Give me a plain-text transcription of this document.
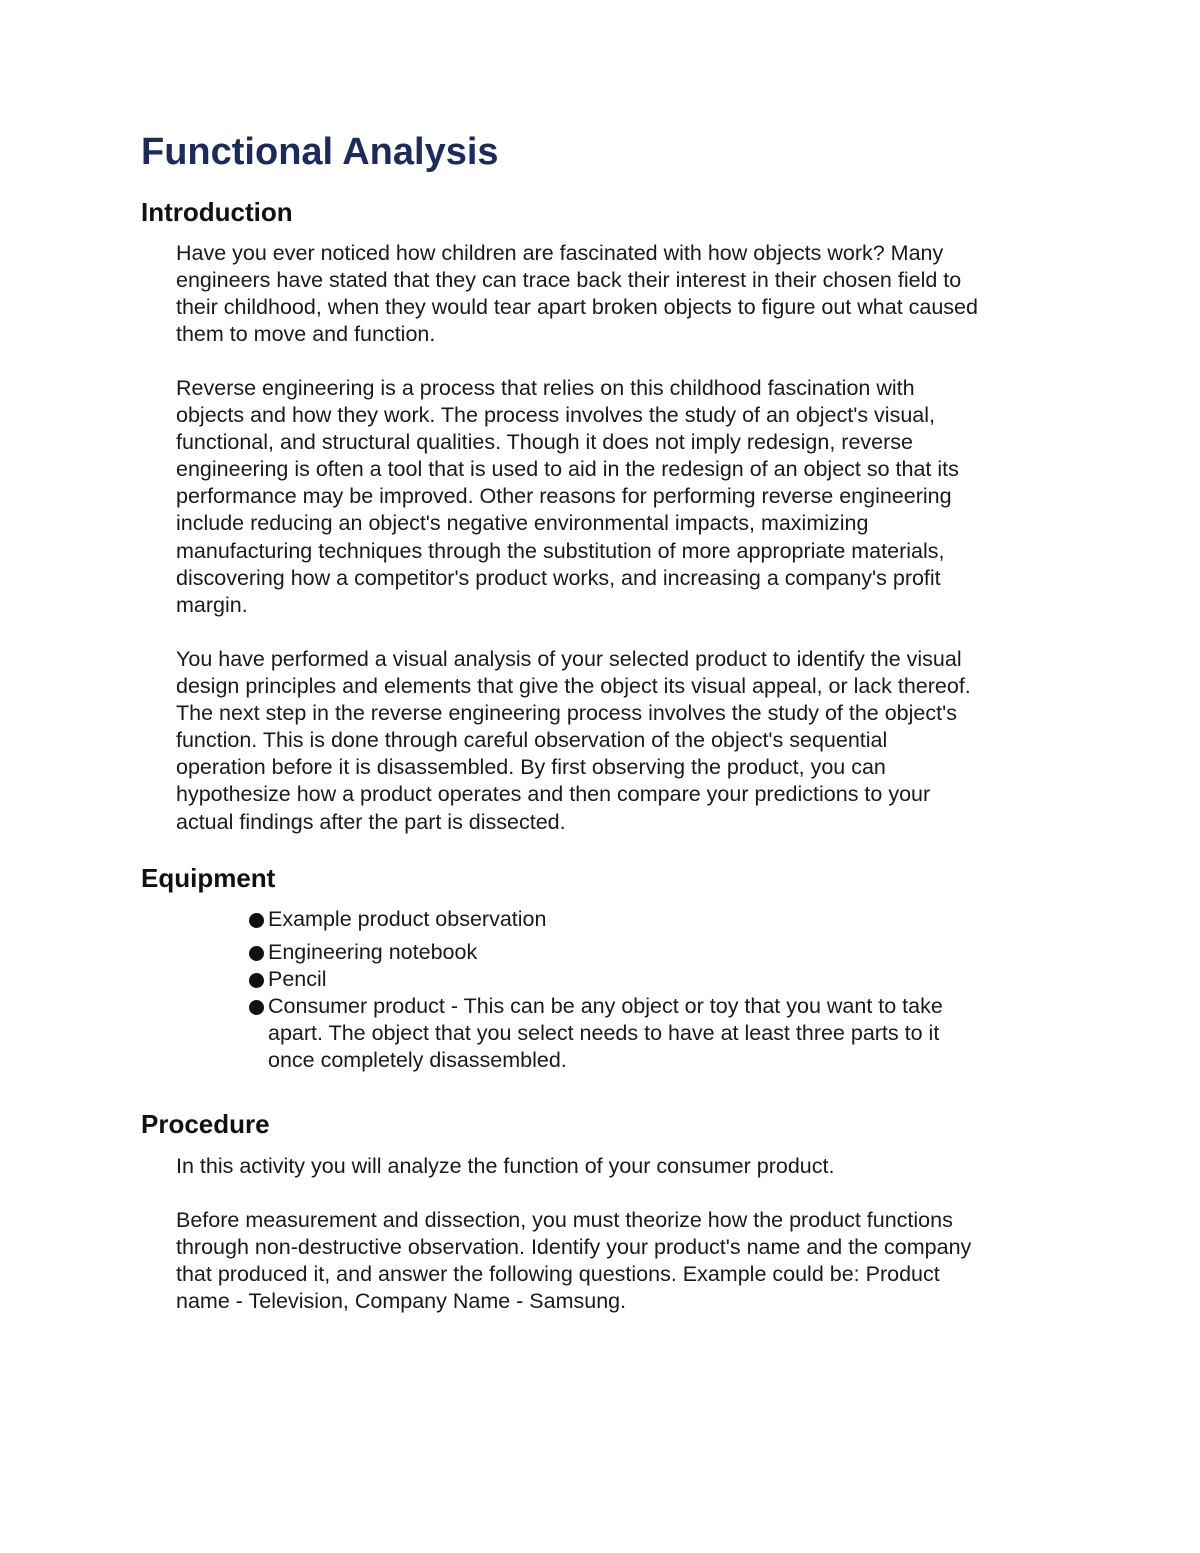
Functional Analysis
Introduction

Have you ever noticed how children are fascinated with how objects work? Many
engineers have stated that they can trace back their interest in their chosen field to
their childhood, when they would tear apart broken objects to figure out what caused
them to move and function.

Reverse engineering is a process that relies on this childhood fascination with
objects and how they work. The process involves the study of an object's visual,
functional, and structural qualities. Though it does not imply redesign, reverse
engineering is often a tool that is used to aid in the redesign of an object so that its
performance may be improved. Other reasons for performing reverse engineering
include reducing an object's negative environmental impacts, maximizing
manufacturing techniques through the substitution of more appropriate materials,
discovering how a competitor's product works, and increasing a company's profit
margin.

You have performed a visual analysis of your selected product to identify the visual
design principles and elements that give the object its visual appeal, or lack thereof.
The next step in the reverse engineering process involves the study of the object's
function. This is done through careful observation of the object's sequential
operation before it is disassembled. By first observing the product, you can
hypothesize how a product operates and then compare your predictions to your
actual findings after the part is dissected.

Equipment
Example product observation
Engineering notebook
Pencil
Consumer product - This can be any object or toy that you want to take
apart. The object that you select needs to have at least three parts to it
once completely disassembled.
Procedure

In this activity you will analyze the function of your consumer product.

Before measurement and dissection, you must theorize how the product functions
through non-destructive observation. Identify your product's name and the company
that produced it, and answer the following questions. Example could be: Product
name - Television, Company Name - Samsung.
